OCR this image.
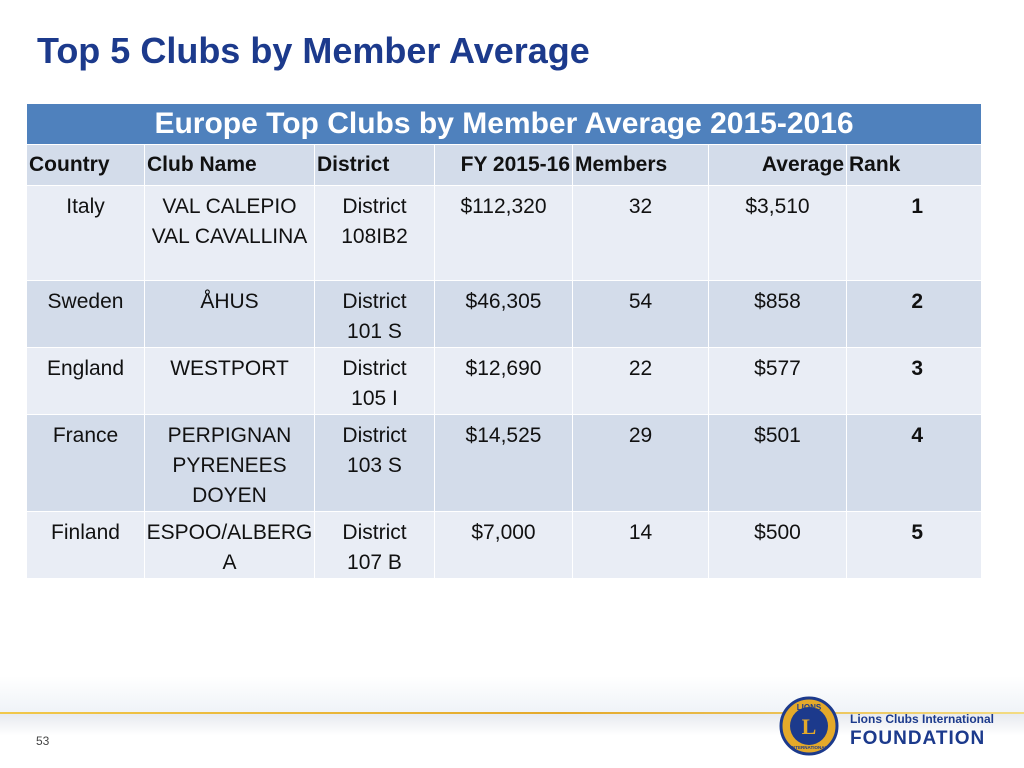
Top 5 Clubs by Member Average
Europe Top Clubs by Member Average 2015-2016						
Country	Club Name	District	FY 2015-16	Members	Average	Rank
Italy	VAL CALEPIO VAL CAVALLINA	District 108IB2	$112,320	32	$3,510	1
Sweden	ÅHUS	District 101 S	$46,305	54	$858	2
England	WESTPORT	District 105 I	$12,690	22	$577	3
France	PERPIGNAN PYRENEES DOYEN	District 103 S	$14,525	29	$501	4
Finland	ESPOO/ALBERGA	District 107 B	$7,000	14	$500	5
53
LIONS
INTERNATIONAL
L	Lions Clubs International
FOUNDATION
